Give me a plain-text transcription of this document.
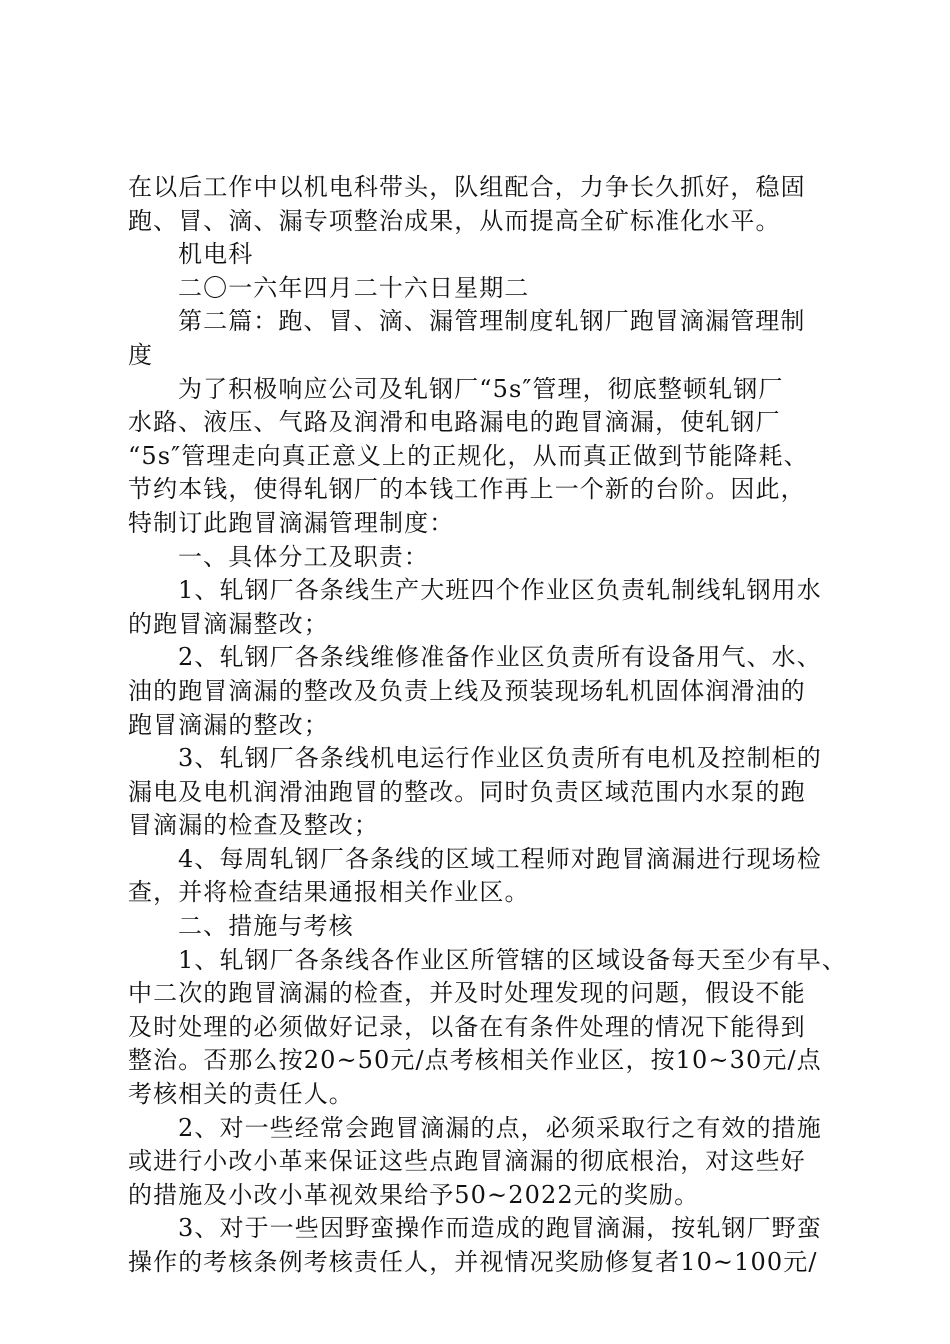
在以后工作中以机电科带头，队组配合，力争长久抓好，稳固
跑、冒、滴、漏专项整治成果，从而提高全矿标准化水平。
机电科
二〇一六年四月二十六日星期二
第二篇：跑、冒、滴、漏管理制度轧钢厂跑冒滴漏管理制
度
为了积极响应公司及轧钢厂“5s″管理，彻底整顿轧钢厂
水路、液压、气路及润滑和电路漏电的跑冒滴漏，使轧钢厂
“5s″管理走向真正意义上的正规化，从而真正做到节能降耗、
节约本钱，使得轧钢厂的本钱工作再上一个新的台阶。因此，
特制订此跑冒滴漏管理制度：
一、具体分工及职责：
1、轧钢厂各条线生产大班四个作业区负责轧制线轧钢用水
的跑冒滴漏整改；
2、轧钢厂各条线维修准备作业区负责所有设备用气、水、
油的跑冒滴漏的整改及负责上线及预装现场轧机固体润滑油的
跑冒滴漏的整改；
3、轧钢厂各条线机电运行作业区负责所有电机及控制柜的
漏电及电机润滑油跑冒的整改。同时负责区域范围内水泵的跑
冒滴漏的检查及整改；
4、每周轧钢厂各条线的区域工程师对跑冒滴漏进行现场检
查，并将检查结果通报相关作业区。
二、措施与考核
1、轧钢厂各条线各作业区所管辖的区域设备每天至少有早、
中二次的跑冒滴漏的检查，并及时处理发现的问题，假设不能
及时处理的必须做好记录，以备在有条件处理的情况下能得到
整治。否那么按20~50元/点考核相关作业区，按10~30元/点
考核相关的责任人。
2、对一些经常会跑冒滴漏的点，必须采取行之有效的措施
或进行小改小革来保证这些点跑冒滴漏的彻底根治，对这些好
的措施及小改小革视效果给予50~2022元的奖励。
3、对于一些因野蛮操作而造成的跑冒滴漏，按轧钢厂野蛮
操作的考核条例考核责任人，并视情况奖励修复者10~100元/
